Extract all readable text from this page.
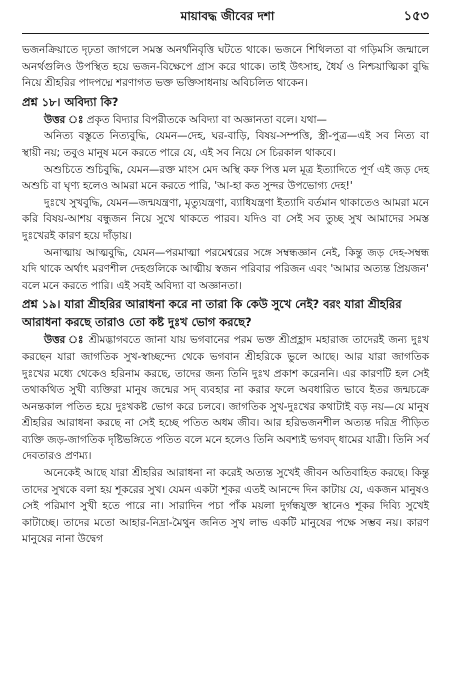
মায়াবদ্ধ জীবের দশা	১৫৩

ভজনক্রিয়াতে দৃঢ়তা জাগলে সমস্ত অনর্থনিবৃত্তি ঘটতে থাকে। ভজনে শিথিলতা বা গড়িমসি জন্মালে অনর্থগুলিও উপস্থিত হয়ে ভজন-বিক্ষেপে গ্রাস করে থাকে। তাই উৎসাহ, ধৈর্য ও নিশ্চয়াত্মিকা বুদ্ধি নিয়ে শ্রীহরির পাদপদ্মে শরণাগত ভক্ত ভক্তিসাধনায় অবিচলিত থাকেন।

প্রশ্ন ১৮। অবিদ্যা কি?

উত্তর ঃ প্রকৃত বিদ্যার বিপরীতকে অবিদ্যা বা অজ্ঞানতা বলে। যথা—

অনিত্য বস্তুতে নিত্যবুদ্ধি, যেমন—দেহ, ঘর-বাড়ি, বিষয়-সম্পত্তি, স্ত্রী-পুত্র—এই সব নিত্য বা স্থায়ী নয়; তবুও মানুষ মনে করতে পারে যে, এই সব নিয়ে সে চিরকাল থাকবে।

অশুচিতে শুচিবুদ্ধি, যেমন—রক্ত মাংস মেদ অস্থি কফ পিত্ত মল মূত্র ইত্যাদিতে পূর্ণ এই জড় দেহ অশুচি বা ঘৃণ্য হলেও আমরা মনে করতে পারি, 'আ-হা কত সুন্দর উপভোগ্য দেহ!'

দুঃখে সুখবুদ্ধি, যেমন—জন্মযন্ত্রণা, মৃত্যুযন্ত্রণা, ব্যাধিযন্ত্রণা ইত্যাদি বর্তমান থাকাতেও আমরা মনে করি বিষয়-আশয় বন্ধুজন নিয়ে সুখে থাকতে পারব। যদিও বা সেই সব তুচ্ছ সুখ আমাদের সমস্ত দুঃখেরই কারণ হয়ে দাঁড়ায়।

অনাত্মায় আত্মবুদ্ধি, যেমন—পরমাত্মা পরমেশ্বরের সঙ্গে সম্বন্ধজ্ঞান নেই, কিন্তু জড় দেহ-সম্বন্ধ যদি থাকে অর্থাৎ মরণশীল দেহগুলিকে আত্মীয় স্বজন পরিবার পরিজন এবং 'আমার অত্যন্ত প্রিয়জন' বলে মনে করতে পারি। এই সবই অবিদ্যা বা অজ্ঞানতা।

প্রশ্ন ১৯। যারা শ্রীহরির আরাধনা করে না তারা কি কেউ সুখে নেই? বরং যারা শ্রীহরির আরাধনা করছে তারাও তো কষ্ট দুঃখ ভোগ করছে?

উত্তর ঃ শ্রীমদ্ভাগবতে জানা যায় ভগবানের পরম ভক্ত শ্রীপ্রহ্লাদ মহারাজ তাদেরই জন্য দুঃখ করছেন যারা জাগতিক সুখ-স্বাচ্ছন্দ্যে থেকে ভগবান শ্রীহরিকে ভুলে আছে। আর যারা জাগতিক দুঃখের মধ্যে থেকেও হরিনাম করছে, তাদের জন্য তিনি দুঃখ প্রকাশ করেননি। এর কারণটি হল সেই তথাকথিত সুখী ব্যক্তিরা মানুষ জন্মের সদ্ ব্যবহার না করার ফলে অবধারিত ভাবে ইতর জন্মচক্রে অনন্তকাল পতিত হয়ে দুঃখকষ্ট ভোগ করে চলবে। জাগতিক সুখ-দুঃখের কথাটাই বড় নয়—যে মানুষ শ্রীহরির আরাধনা করছে না সেই হচ্ছে পতিত অধম জীব। আর হরিভজনশীল অত্যন্ত দরিদ্র পীড়িত ব্যক্তি জড়-জাগতিক দৃষ্টিভঙ্গিতে পতিত বলে মনে হলেও তিনি অবশ্যই ভগবদ্ ধামের যাত্রী। তিনি সর্ব দেবতারও প্রণম্য।

অনেকেই আছে যারা শ্রীহরির আরাধনা না করেই অত্যন্ত সুখেই জীবন অতিবাহিত করছে। কিন্তু তাদের সুখকে বলা হয় শূকরের সুখ। যেমন একটা শূকর এতই আনন্দে দিন কাটায় যে, একজন মানুষও সেই পরিমাণ সুখী হতে পারে না। সারাদিন পচা পাঁক ময়লা দুর্গন্ধযুক্ত স্থানেও শূকর দিব্যি সুখেই কাটাচ্ছে। তাদের মতো আহার-নিদ্রা-মৈথুন জনিত সুখ লাভ একটি মানুষের পক্ষে সম্ভব নয়। কারণ মানুষের নানা উদ্বেগ
